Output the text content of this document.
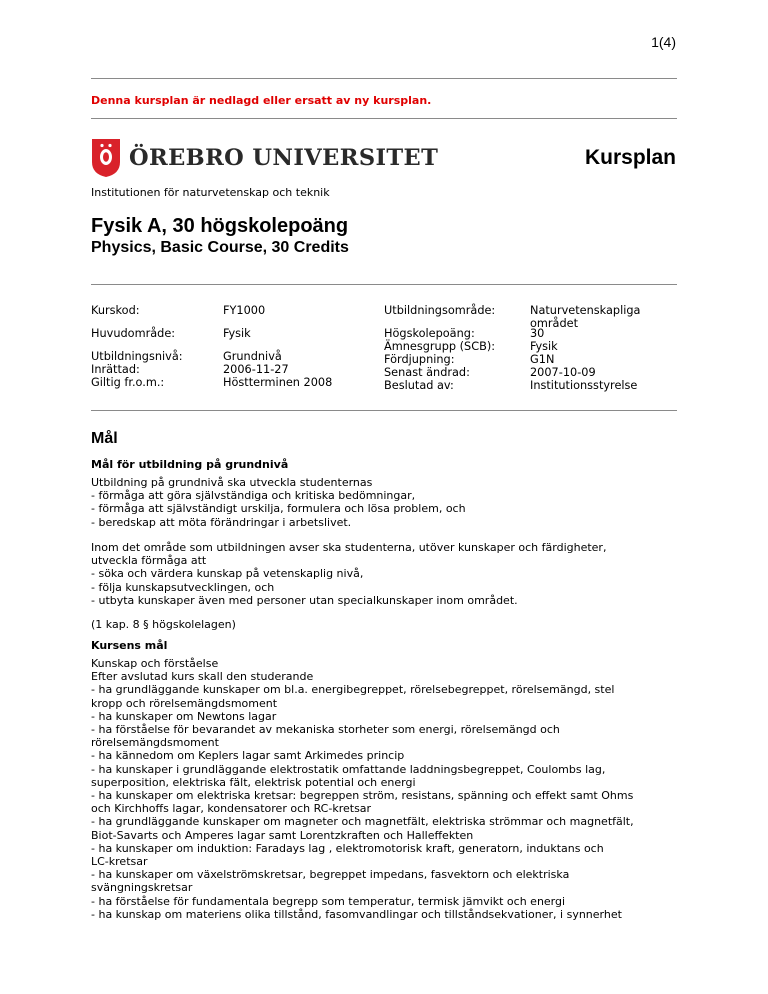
1(4)
Denna kursplan är nedlagd eller ersatt av ny kursplan.
ÖREBRO UNIVERSITET	Kursplan
Institutionen för naturvetenskap och teknik
Fysik A, 30 högskolepoäng
Physics, Basic Course, 30 Credits
Kurskod:	FY1000
Huvudområde:	Fysik
Utbildningsnivå:	Grundnivå
Inrättad:	2006-11-27
Giltig fr.o.m.:	Höstterminen 2008
Utbildningsområde:	Naturvetenskapliga
området
Högskolepoäng:	30
Ämnesgrupp (SCB):	Fysik
Fördjupning:	G1N
Senast ändrad:	2007-10-09
Beslutad av:	Institutionsstyrelse
Mål
Mål för utbildning på grundnivå
Utbildning på grundnivå ska utveckla studenternas
- förmåga att göra självständiga och kritiska bedömningar,
- förmåga att självständigt urskilja, formulera och lösa problem, och
- beredskap att möta förändringar i arbetslivet.
Inom det område som utbildningen avser ska studenterna, utöver kunskaper och färdigheter,
utveckla förmåga att
- söka och värdera kunskap på vetenskaplig nivå,
- följa kunskapsutvecklingen, och
- utbyta kunskaper även med personer utan specialkunskaper inom området.
(1 kap. 8 § högskolelagen)
Kursens mål
Kunskap och förståelse
Efter avslutad kurs skall den studerande
- ha grundläggande kunskaper om bl.a. energibegreppet, rörelsebegreppet, rörelsemängd, stel
kropp och rörelsemängdsmoment
- ha kunskaper om Newtons lagar
- ha förståelse för bevarandet av mekaniska storheter som energi, rörelsemängd och
rörelsemängdsmoment
- ha kännedom om Keplers lagar samt Arkimedes princip
- ha kunskaper i grundläggande elektrostatik omfattande laddningsbegreppet, Coulombs lag,
superposition, elektriska fält, elektrisk potential och energi
- ha kunskaper om elektriska kretsar: begreppen ström, resistans, spänning och effekt samt Ohms
och Kirchhoffs lagar, kondensatorer och RC-kretsar
- ha grundläggande kunskaper om magneter och magnetfält, elektriska strömmar och magnetfält,
Biot-Savarts och Amperes lagar samt Lorentzkraften och Halleffekten
- ha kunskaper om induktion: Faradays lag , elektromotorisk kraft, generatorn, induktans och
LC-kretsar
- ha kunskaper om växelströmskretsar, begreppet impedans, fasvektorn och elektriska
svängningskretsar
- ha förståelse för fundamentala begrepp som temperatur, termisk jämvikt och energi
- ha kunskap om materiens olika tillstånd, fasomvandlingar och tillståndsekvationer, i synnerhet
